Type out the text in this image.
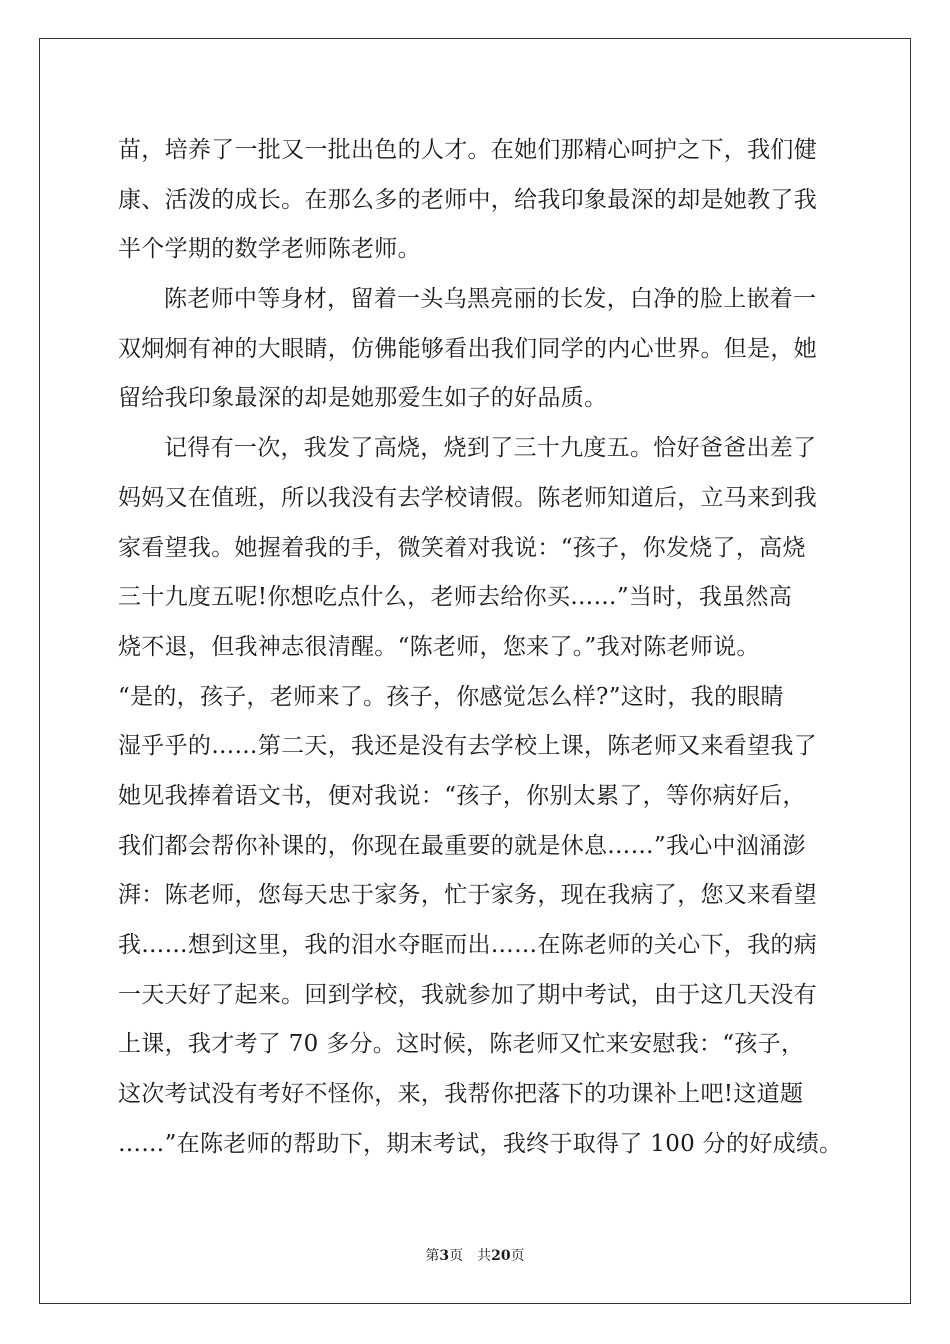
苗，培养了一批又一批出色的人才。在她们那精心呵护之下，我们健
康、活泼的成长。在那么多的老师中，给我印象最深的却是她教了我
半个学期的数学老师陈老师。
陈老师中等身材，留着一头乌黑亮丽的长发，白净的脸上嵌着一
双炯炯有神的大眼睛，仿佛能够看出我们同学的内心世界。但是，她
留给我印象最深的却是她那爱生如子的好品质。
记得有一次，我发了高烧，烧到了三十九度五。恰好爸爸出差了
妈妈又在值班，所以我没有去学校请假。陈老师知道后，立马来到我
家看望我。她握着我的手，微笑着对我说：“孩子，你发烧了，高烧
三十九度五呢!你想吃点什么，老师去给你买……”当时，我虽然高
烧不退，但我神志很清醒。“陈老师，您来了。”我对陈老师说。
“是的，孩子，老师来了。孩子，你感觉怎么样?”这时，我的眼睛
湿乎乎的……第二天，我还是没有去学校上课，陈老师又来看望我了
她见我捧着语文书，便对我说：“孩子，你别太累了，等你病好后，
我们都会帮你补课的，你现在最重要的就是休息……”我心中汹涌澎
湃：陈老师，您每天忠于家务，忙于家务，现在我病了，您又来看望
我……想到这里，我的泪水夺眶而出……在陈老师的关心下，我的病
一天天好了起来。回到学校，我就参加了期中考试，由于这几天没有
上课，我才考了 70 多分。这时候，陈老师又忙来安慰我：“孩子，
这次考试没有考好不怪你，来，我帮你把落下的功课补上吧!这道题
……”在陈老师的帮助下，期末考试，我终于取得了 100 分的好成绩。
第3页 共20页
